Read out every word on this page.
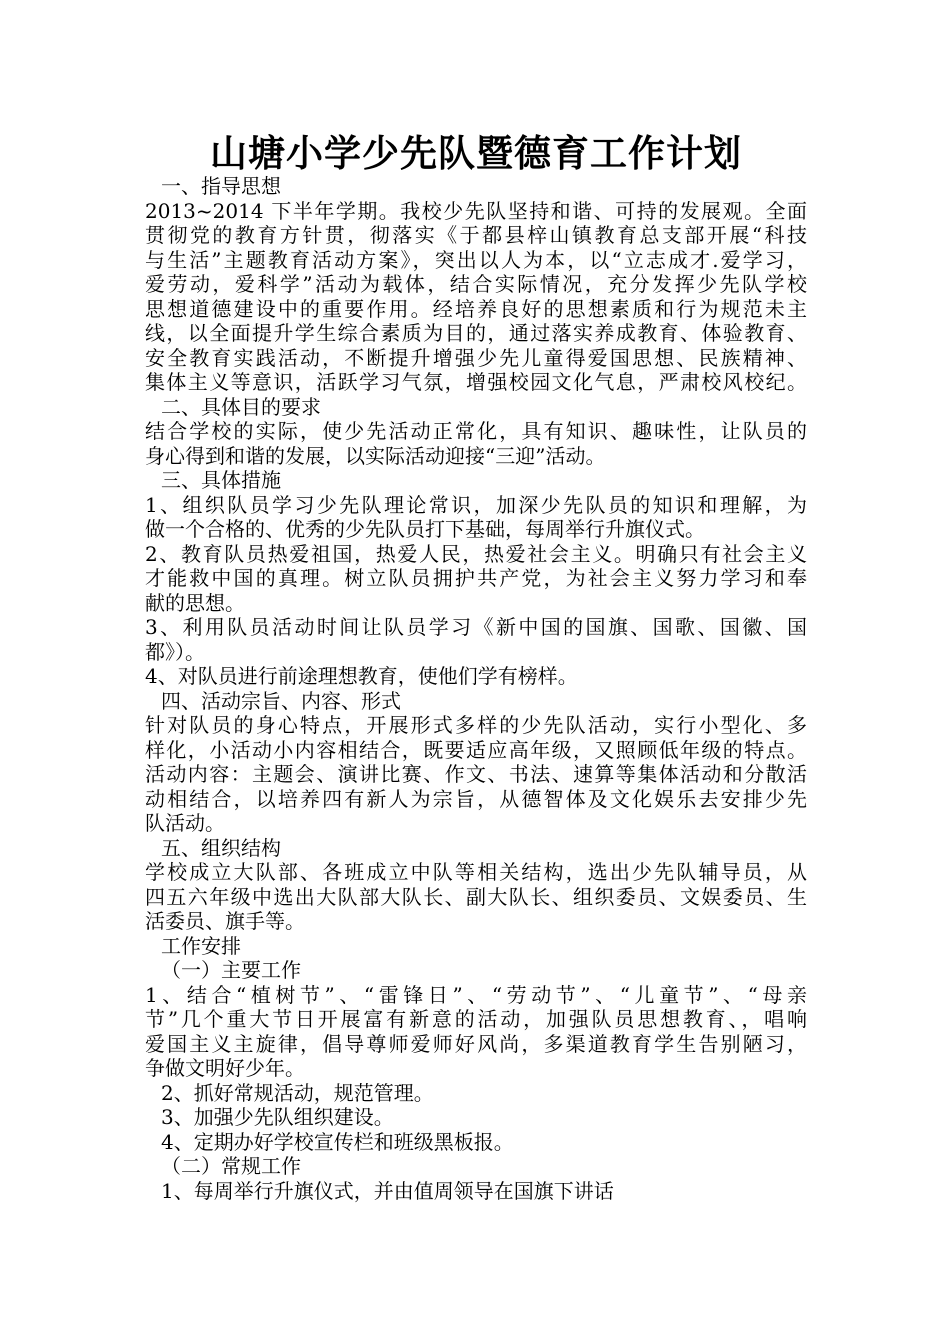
山塘小学少先队暨德育工作计划
一、指导思想
2013~2014 下半年学期。我校少先队坚持和谐、可持的发展观。全面
贯彻党的教育方针贯，彻落实《于都县梓山镇教育总支部开展“科技
与生活”主题教育活动方案》，突出以人为本，以“立志成才.爱学习，
爱劳动，爱科学”活动为载体，结合实际情况，充分发挥少先队学校
思想道德建设中的重要作用。经培养良好的思想素质和行为规范未主
线，以全面提升学生综合素质为目的，通过落实养成教育、体验教育、
安全教育实践活动，不断提升增强少先儿童得爱国思想、民族精神、
集体主义等意识，活跃学习气氛，增强校园文化气息，严肃校风校纪。
二、具体目的要求
结合学校的实际，使少先活动正常化，具有知识、趣味性，让队员的
身心得到和谐的发展，以实际活动迎接“三迎”活动。
三、具体措施
1、组织队员学习少先队理论常识，加深少先队员的知识和理解，为
做一个合格的、优秀的少先队员打下基础，每周举行升旗仪式。
2、教育队员热爱祖国，热爱人民，热爱社会主义。明确只有社会主义
才能救中国的真理。树立队员拥护共产党，为社会主义努力学习和奉
献的思想。
3、利用队员活动时间让队员学习《新中国的国旗、国歌、国徽、国
都》）。
4、对队员进行前途理想教育，使他们学有榜样。
四、活动宗旨、内容、形式
针对队员的身心特点，开展形式多样的少先队活动，实行小型化、多
样化，小活动小内容相结合，既要适应高年级，又照顾低年级的特点。
活动内容：主题会、演讲比赛、作文、书法、速算等集体活动和分散活
动相结合，以培养四有新人为宗旨，从德智体及文化娱乐去安排少先
队活动。
五、组织结构
学校成立大队部、各班成立中队等相关结构，选出少先队辅导员，从
四五六年级中选出大队部大队长、副大队长、组织委员、文娱委员、生
活委员、旗手等。
工作安排
（一）主要工作
1、结合“植树节”、“雷锋日”、“劳动节”、“儿童节”、“母亲
节”几个重大节日开展富有新意的活动，加强队员思想教育、，唱响
爱国主义主旋律，倡导尊师爱师好风尚，多渠道教育学生告别陋习，
争做文明好少年。
2、抓好常规活动，规范管理。
3、加强少先队组织建设。
4、定期办好学校宣传栏和班级黑板报。
（二）常规工作
1、每周举行升旗仪式，并由值周领导在国旗下讲话
